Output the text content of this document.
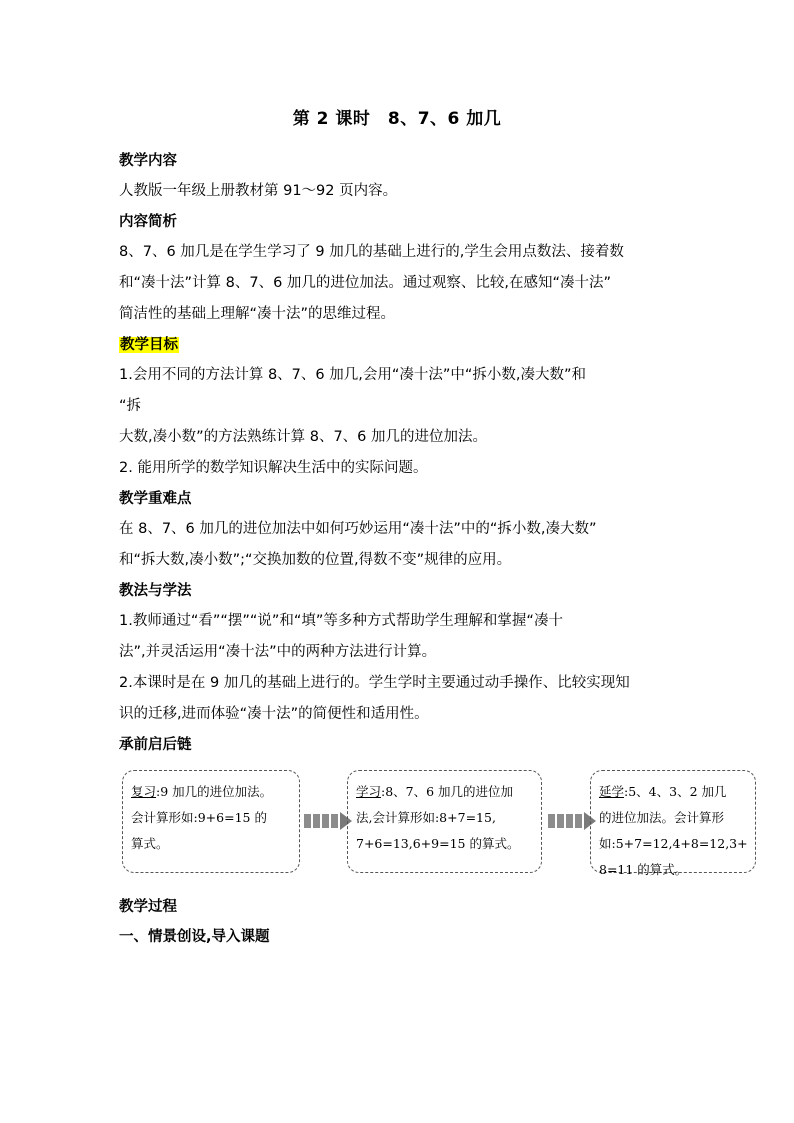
第 2 课时　8、7、6 加几
教学内容
人教版一年级上册教材第 91～92 页内容。
内容简析
8、7、6 加几是在学生学习了 9 加几的基础上进行的,学生会用点数法、接着数
和“凑十法”计算 8、7、6 加几的进位加法。通过观察、比较,在感知“凑十法”
简洁性的基础上理解“凑十法”的思维过程。
教学目标
1.会用不同的方法计算 8、7、6 加几,会用“凑十法”中“拆小数,凑大数”和
“拆
大数,凑小数”的方法熟练计算 8、7、6 加几的进位加法。
2. 能用所学的数学知识解决生活中的实际问题。
教学重难点
在 8、7、6 加几的进位加法中如何巧妙运用“凑十法”中的“拆小数,凑大数”
和“拆大数,凑小数”;“交换加数的位置,得数不变”规律的应用。
教法与学法
1.教师通过“看”“摆”“说”和“填”等多种方式帮助学生理解和掌握“凑十
法”,并灵活运用“凑十法”中的两种方法进行计算。
2.本课时是在 9 加几的基础上进行的。学生学时主要通过动手操作、比较实现知
识的迁移,进而体验“凑十法”的简便性和适用性。
承前启后链
复习:9 加几的进位加法。
会计算形如:9+6=15 的
算式。
学习:8、7、6 加几的进位加
法,会计算形如:8+7=15,
7+6=13,6+9=15 的算式。
延学:5、4、3、2 加几
的进位加法。会计算形
如:5+7=12,4+8=12,3+
8=11 的算式。
教学过程
一、情景创设,导入课题
